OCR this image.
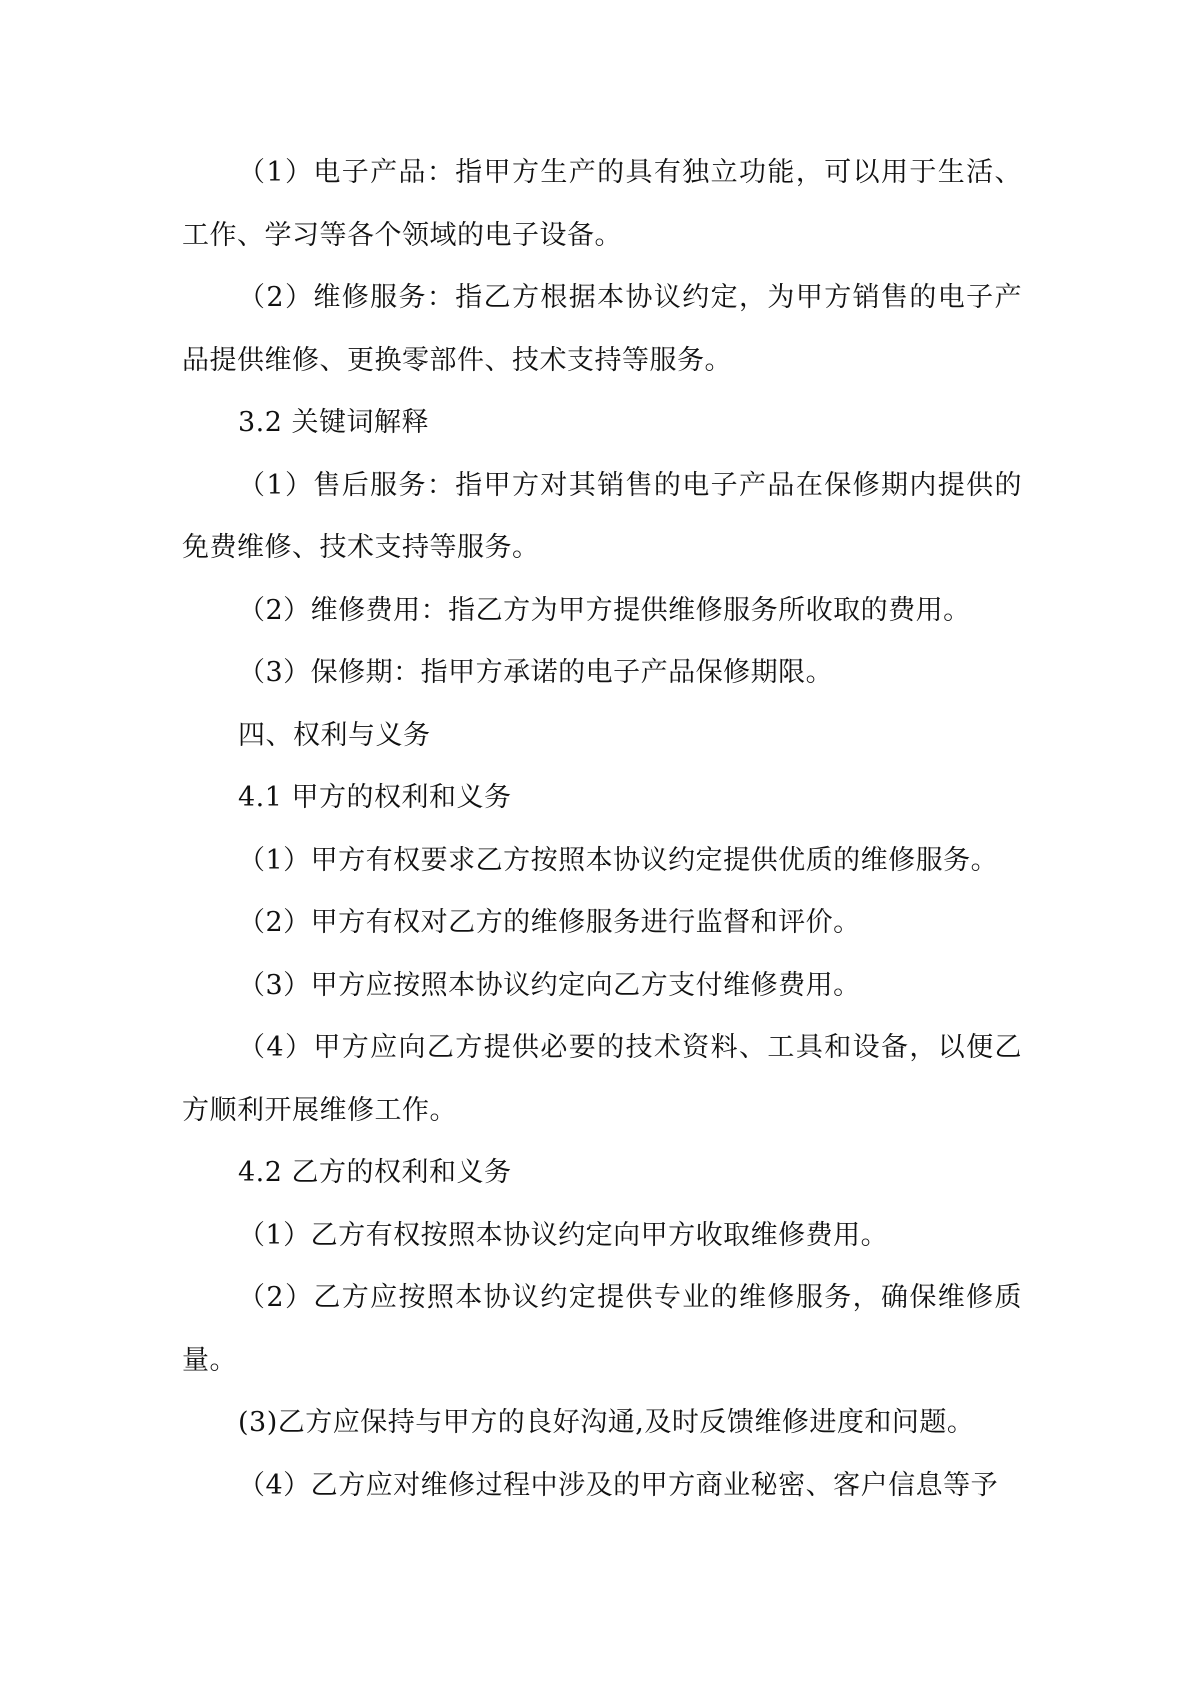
（1）电子产品：指甲方生产的具有独立功能，可以用于生活、工作、学习等各个领域的电子设备。

（2）维修服务：指乙方根据本协议约定，为甲方销售的电子产品提供维修、更换零部件、技术支持等服务。

3.2 关键词解释

（1）售后服务：指甲方对其销售的电子产品在保修期内提供的免费维修、技术支持等服务。

（2）维修费用：指乙方为甲方提供维修服务所收取的费用。

（3）保修期：指甲方承诺的电子产品保修期限。

四、权利与义务

4.1 甲方的权利和义务

（1）甲方有权要求乙方按照本协议约定提供优质的维修服务。

（2）甲方有权对乙方的维修服务进行监督和评价。

（3）甲方应按照本协议约定向乙方支付维修费用。

（4）甲方应向乙方提供必要的技术资料、工具和设备，以便乙方顺利开展维修工作。

4.2 乙方的权利和义务

（1）乙方有权按照本协议约定向甲方收取维修费用。

（2）乙方应按照本协议约定提供专业的维修服务，确保维修质量。

(3)乙方应保持与甲方的良好沟通,及时反馈维修进度和问题。

（4）乙方应对维修过程中涉及的甲方商业秘密、客户信息等予
